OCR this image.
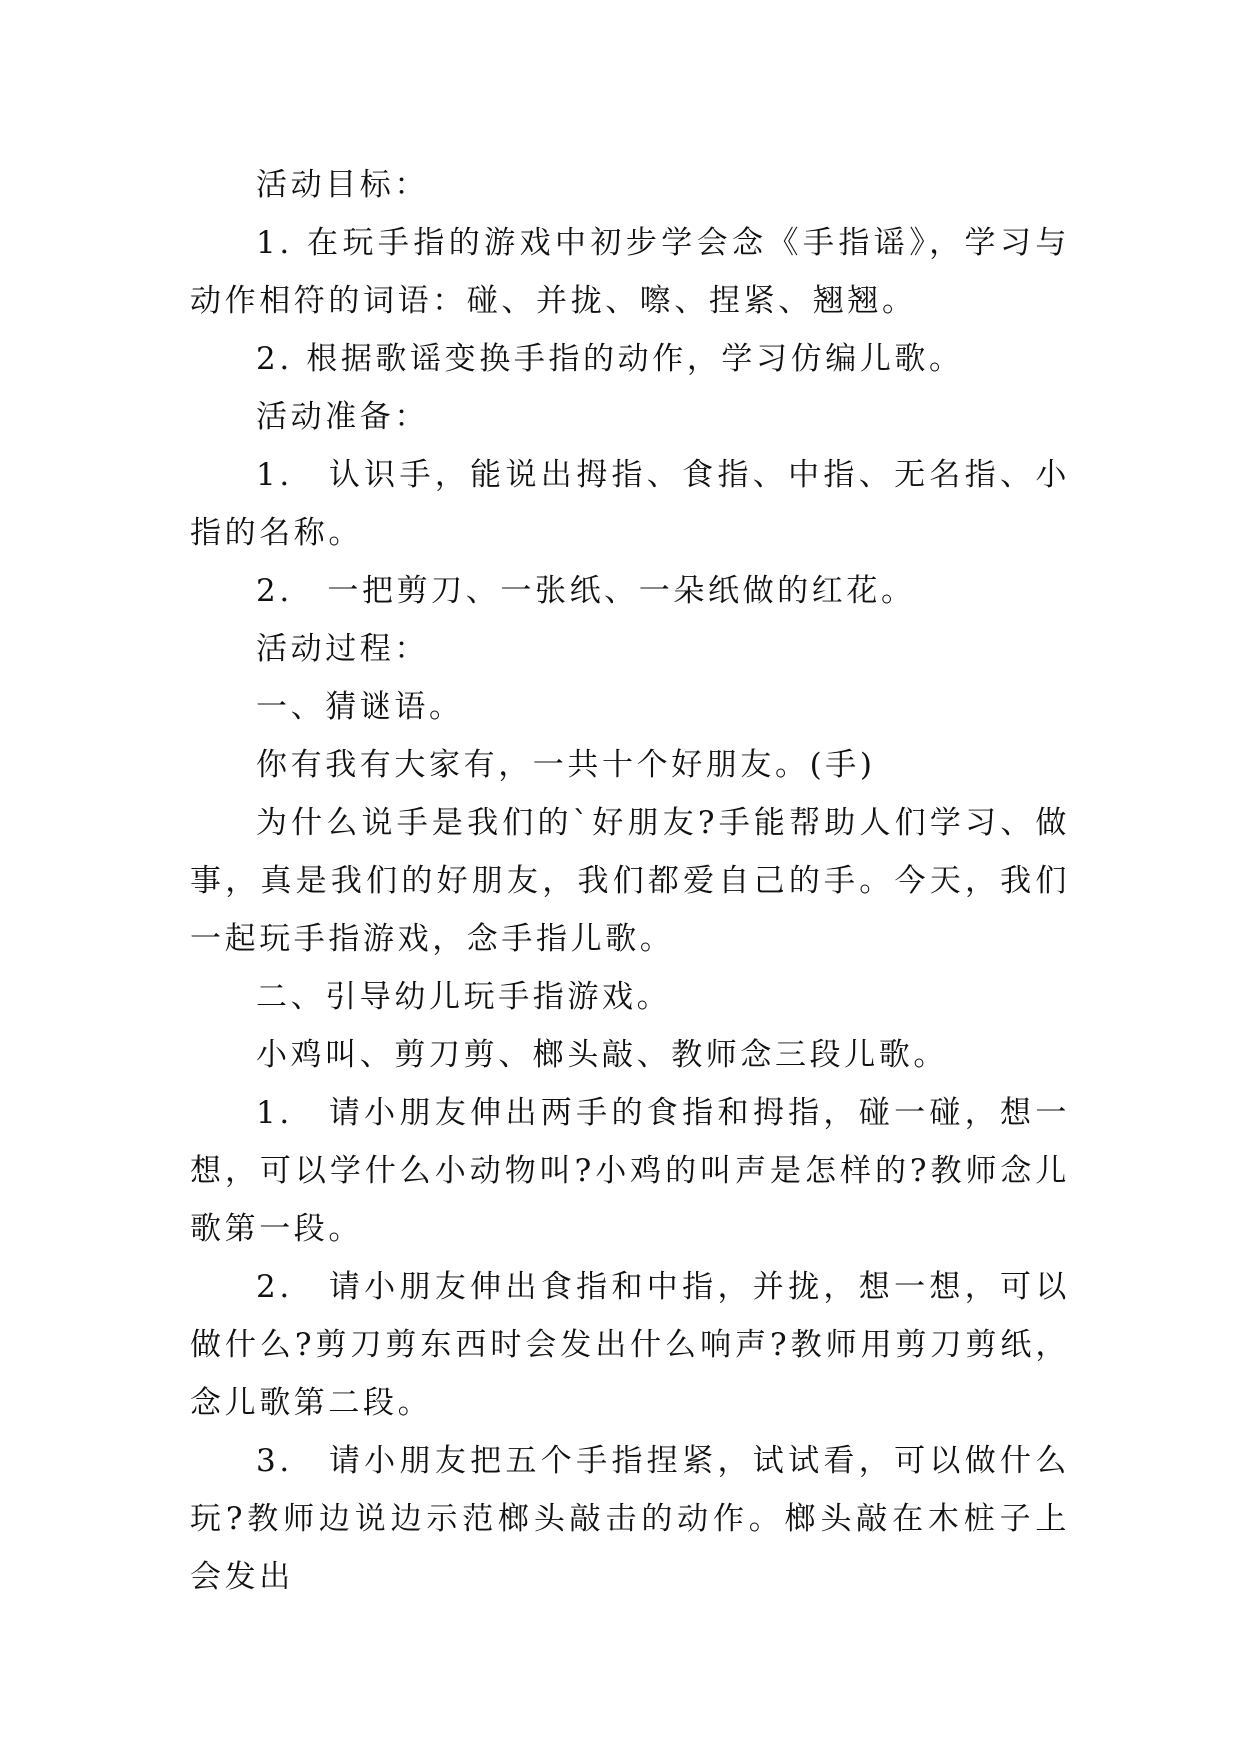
活动目标：

1. 在玩手指的游戏中初步学会念《手指谣》，学习与动作相符的词语：碰、并拢、嚓、捏紧、翘翘。

2. 根据歌谣变换手指的动作，学习仿编儿歌。

活动准备：

1.　认识手，能说出拇指、食指、中指、无名指、小指的名称。

2.　一把剪刀、一张纸、一朵纸做的红花。

活动过程：

一、猜谜语。

你有我有大家有，一共十个好朋友。(手)

为什么说手是我们的`好朋友?手能帮助人们学习、做事，真是我们的好朋友，我们都爱自己的手。今天，我们一起玩手指游戏，念手指儿歌。

二、引导幼儿玩手指游戏。

小鸡叫、剪刀剪、榔头敲、教师念三段儿歌。

1.　请小朋友伸出两手的食指和拇指，碰一碰，想一想，可以学什么小动物叫?小鸡的叫声是怎样的?教师念儿歌第一段。

2.　请小朋友伸出食指和中指，并拢，想一想，可以做什么?剪刀剪东西时会发出什么响声?教师用剪刀剪纸，念儿歌第二段。

3.　请小朋友把五个手指捏紧，试试看，可以做什么玩?教师边说边示范榔头敲击的动作。榔头敲在木桩子上会发出
